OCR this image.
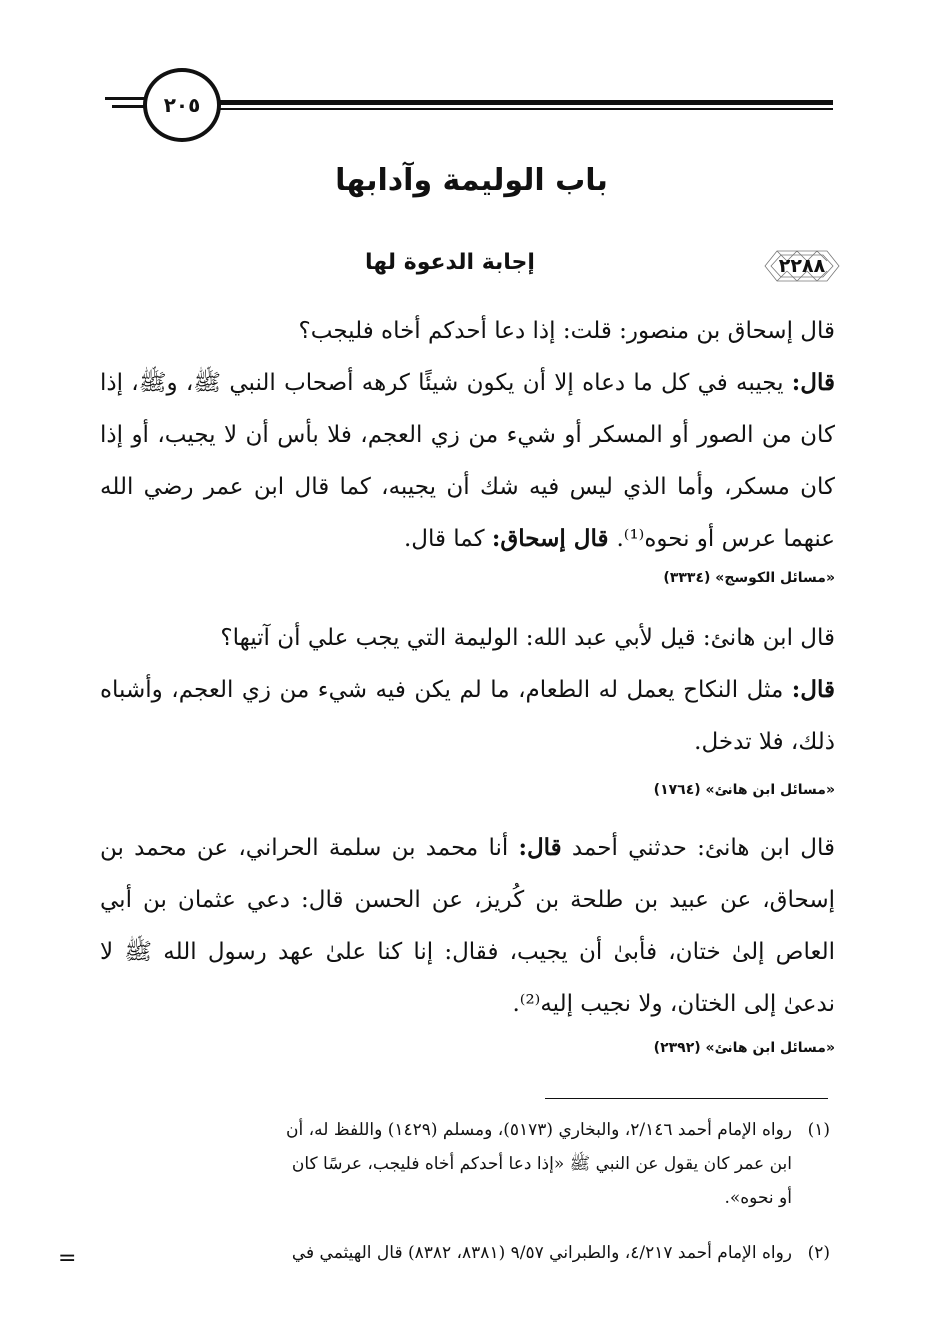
٢٠٥
باب الوليمة وآدابها
٢٢٨٨
إجابة الدعوة لها
قال إسحاق بن منصور: قلت: إذا دعا أحدكم أخاه فليجب؟
قال: يجيبه في كل ما دعاه إلا أن يكون شيئًا كرهه أصحاب النبي ﷺ، وﷺ، إذا كان من الصور أو المسكر أو شيء من زي العجم، فلا بأس أن لا يجيب، أو إذا كان مسكر، وأما الذي ليس فيه شك أن يجيبه، كما قال ابن عمر رضي الله عنهما عرس أو نحوه⁽¹⁾. قال إسحاق: كما قال.
«مسائل الكوسج» (٣٣٣٤)
قال ابن هانئ: قيل لأبي عبد الله: الوليمة التي يجب علي أن آتيها؟
قال: مثل النكاح يعمل له الطعام، ما لم يكن فيه شيء من زي العجم، وأشباه ذلك، فلا تدخل.
«مسائل ابن هانئ» (١٧٦٤)
قال ابن هانئ: حدثني أحمد قال: أنا محمد بن سلمة الحراني، عن محمد بن إسحاق، عن عبيد بن طلحة بن كُريز، عن الحسن قال: دعي عثمان بن أبي العاص إلىٰ ختان، فأبىٰ أن يجيب، فقال: إنا كنا علىٰ عهد رسول الله ﷺ لا ندعىٰ إلى الختان، ولا نجيب إليه⁽²⁾.
«مسائل ابن هانئ» (٢٣٩٢)
(١)رواه الإمام أحمد ٢/١٤٦، والبخاري (٥١٧٣)، ومسلم (١٤٢٩) واللفظ له، أن
ابن عمر كان يقول عن النبي ﷺ «إذا دعا أحدكم أخاه فليجب، عرسًا كان
أو نحوه».
(٢)رواه الإمام أحمد ٤/٢١٧، والطبراني ٩/٥٧ (٨٣٨١، ٨٣٨٢) قال الهيثمي في
=
